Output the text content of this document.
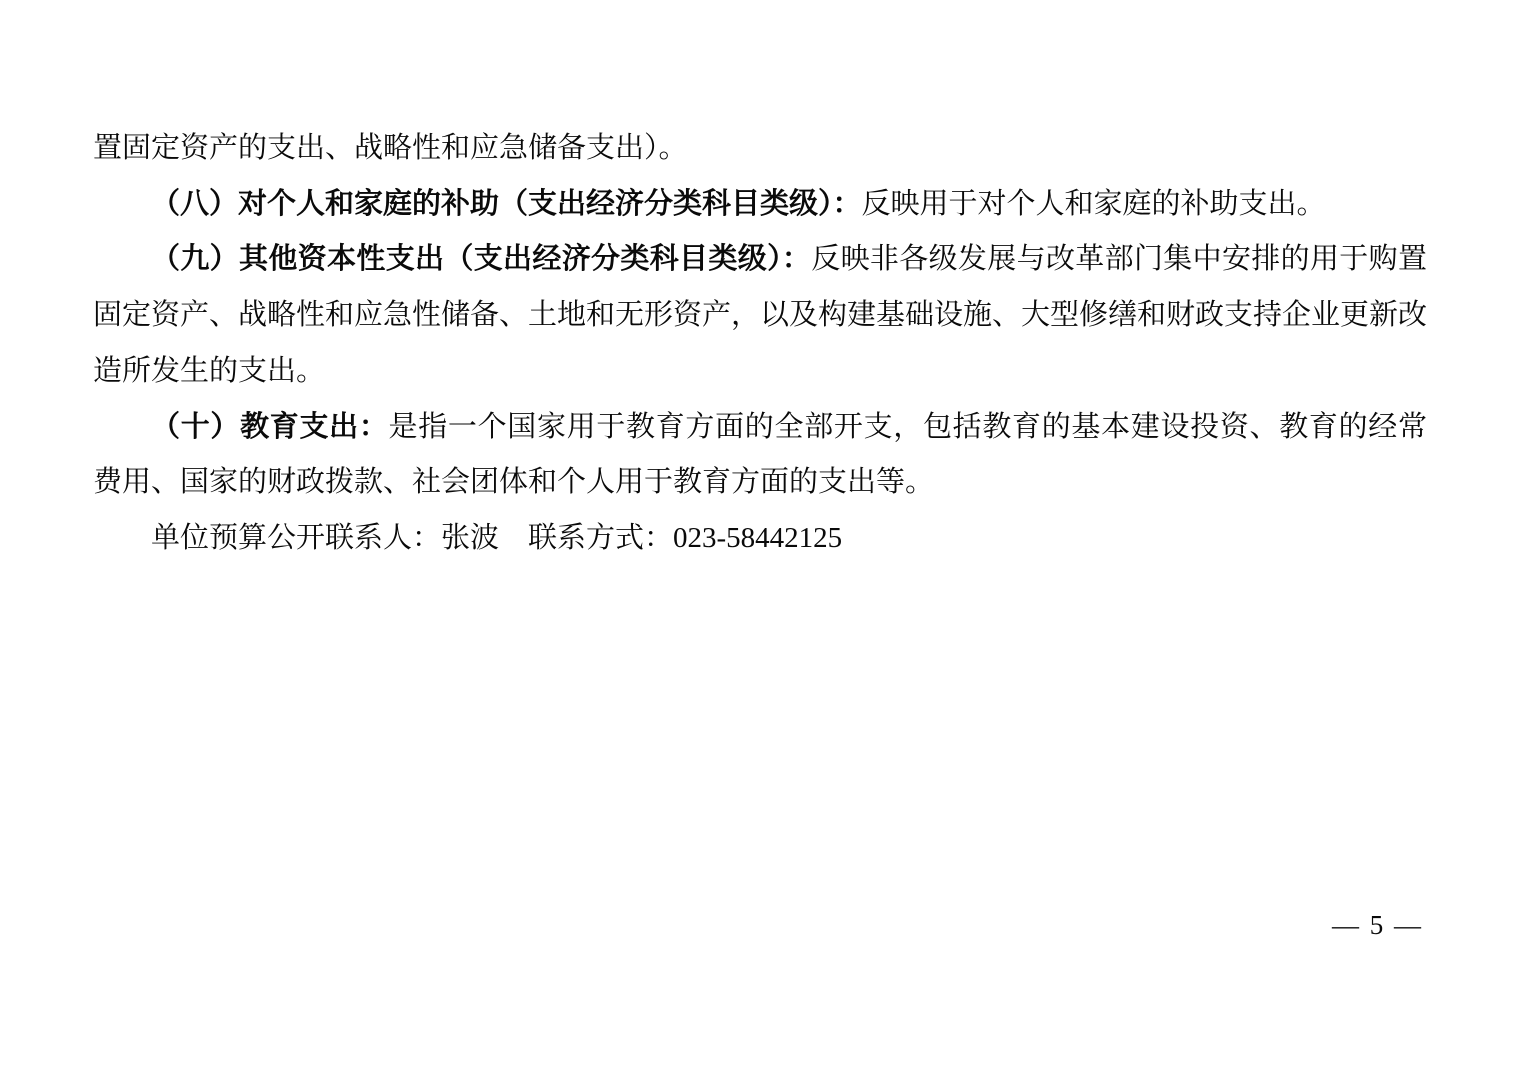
置固定资产的支出、战略性和应急储备支出）。

（八）对个人和家庭的补助（支出经济分类科目类级）：反映用于对个人和家庭的补助支出。

（九）其他资本性支出（支出经济分类科目类级）：反映非各级发展与改革部门集中安排的用于购置固定资产、战略性和应急性储备、土地和无形资产，以及构建基础设施、大型修缮和财政支持企业更新改造所发生的支出。

（十）教育支出：是指一个国家用于教育方面的全部开支，包括教育的基本建设投资、教育的经常费用、国家的财政拨款、社会团体和个人用于教育方面的支出等。

单位预算公开联系人：张波　联系方式：023-58442125

— 5 —
